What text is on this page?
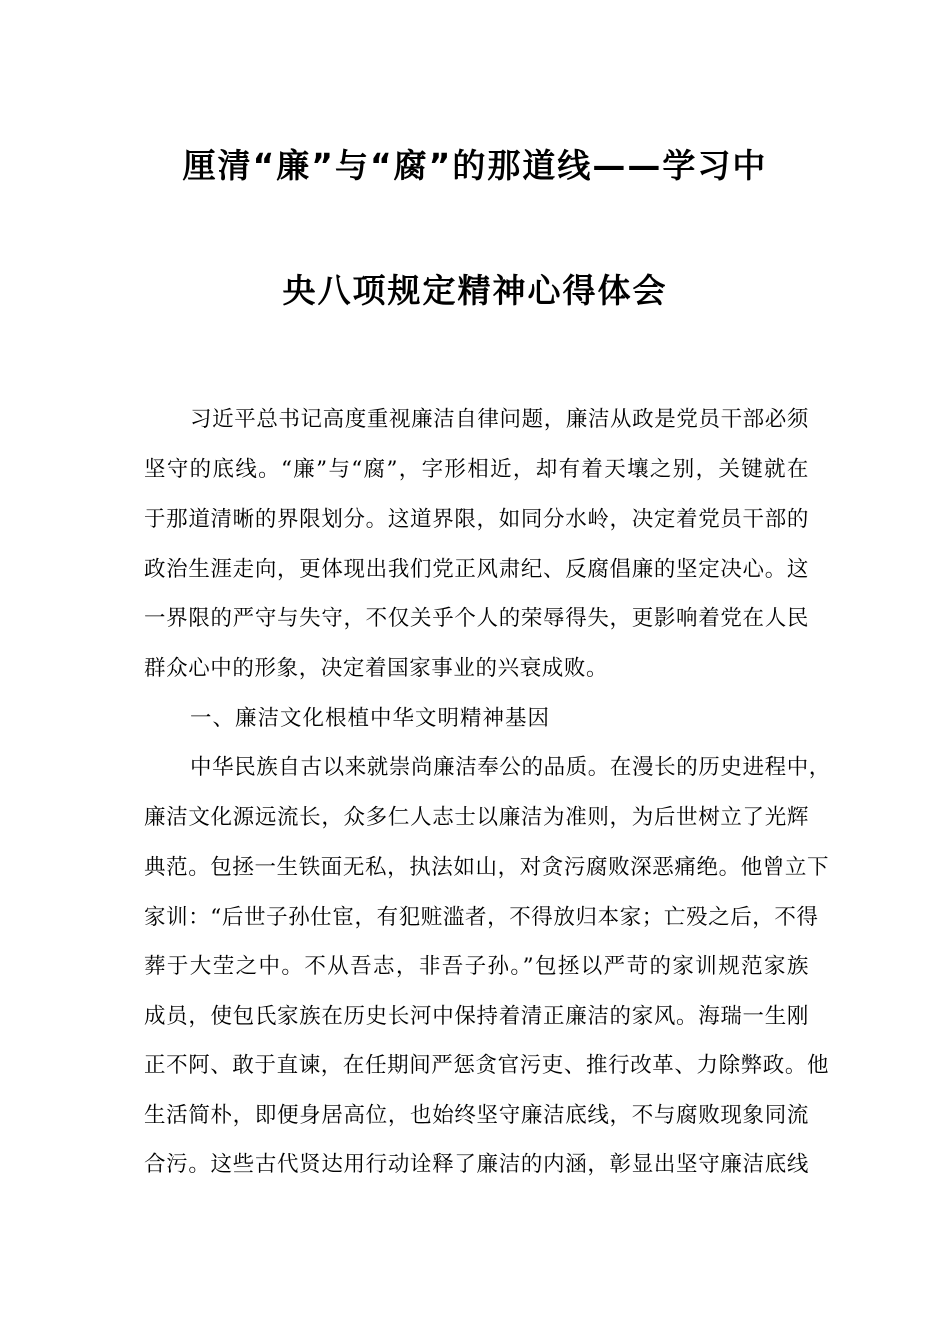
厘清“廉”与“腐”的那道线——学习中
央八项规定精神心得体会
习近平总书记高度重视廉洁自律问题，廉洁从政是党员干部必须
坚守的底线。“廉”与“腐”，字形相近，却有着天壤之别，关键就在
于那道清晰的界限划分。这道界限，如同分水岭，决定着党员干部的
政治生涯走向，更体现出我们党正风肃纪、反腐倡廉的坚定决心。这
一界限的严守与失守，不仅关乎个人的荣辱得失，更影响着党在人民
群众心中的形象，决定着国家事业的兴衰成败。
一、廉洁文化根植中华文明精神基因
中华民族自古以来就崇尚廉洁奉公的品质。在漫长的历史进程中，
廉洁文化源远流长，众多仁人志士以廉洁为准则，为后世树立了光辉
典范。包拯一生铁面无私，执法如山，对贪污腐败深恶痛绝。他曾立下
家训：“后世子孙仕宦，有犯赃滥者，不得放归本家；亡殁之后，不得
葬于大茔之中。不从吾志，非吾子孙。”包拯以严苛的家训规范家族
成员，使包氏家族在历史长河中保持着清正廉洁的家风。海瑞一生刚
正不阿、敢于直谏，在任期间严惩贪官污吏、推行改革、力除弊政。他
生活简朴，即便身居高位，也始终坚守廉洁底线，不与腐败现象同流
合污。这些古代贤达用行动诠释了廉洁的内涵，彰显出坚守廉洁底线
